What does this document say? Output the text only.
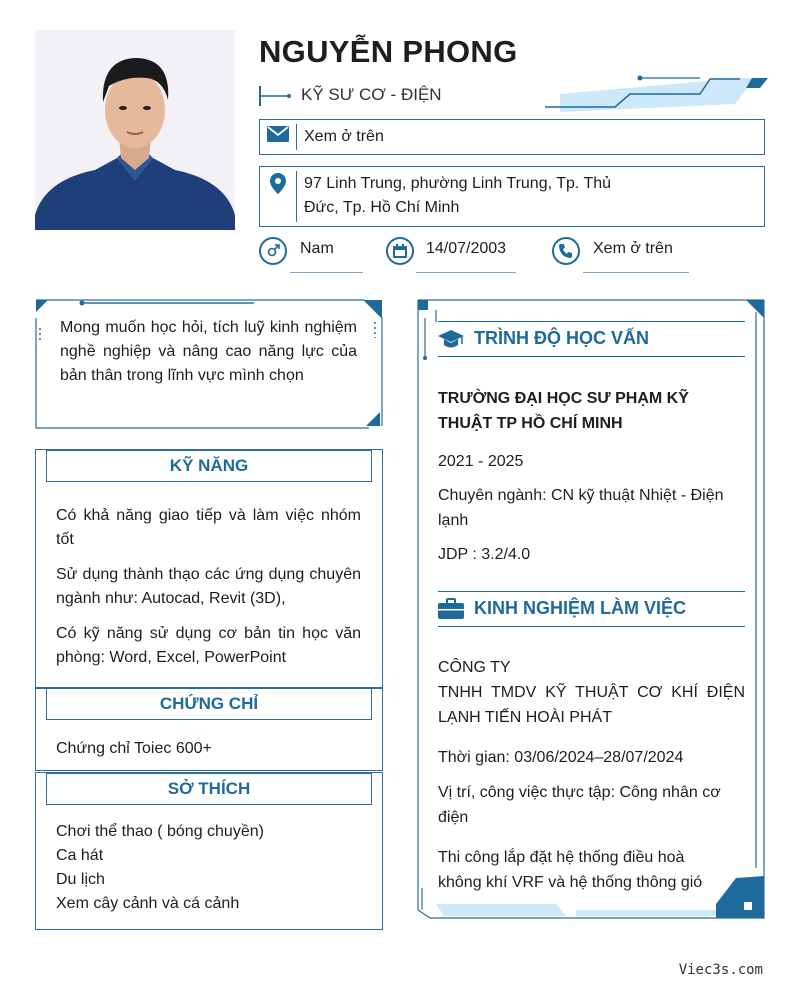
NGUYỄN PHONG
KỸ SƯ CƠ - ĐIỆN
Xem ở trên
97 Linh Trung, phường Linh Trung, Tp. Thủ
Đức, Tp. Hồ Chí Minh
Nam	14/07/2003	Xem ở trên
Mong muốn học hỏi, tích luỹ kinh nghiệm nghề nghiệp và nâng cao năng lực của bản thân trong lĩnh vực mình chọn
KỸ NĂNG
Có khả năng giao tiếp và làm việc nhóm tốt
Sử dụng thành thạo các ứng dụng chuyên ngành như: Autocad, Revit (3D),
Có kỹ năng sử dụng cơ bản tin học văn phòng: Word, Excel, PowerPoint
CHỨNG CHỈ
Chứng chỉ Toiec 600+
SỞ THÍCH
Chơi thể thao ( bóng chuyền)
Ca hát
Du lịch
Xem cây cảnh và cá cảnh
TRÌNH ĐỘ HỌC VẤN
TRƯỜNG ĐẠI HỌC SƯ PHẠM KỸ THUẬT TP HỒ CHÍ MINH
2021 - 2025
Chuyên ngành: CN kỹ thuật Nhiệt - Điện lạnh
JDP : 3.2/4.0
KINH NGHIỆM LÀM VIỆC
CÔNG TY
TNHH TMDV KỸ THUẬT CƠ KHÍ ĐIỆN LẠNH TIẾN HOÀI PHÁT
Thời gian: 03/06/2024–28/07/2024
Vị trí, công việc thực tập: Công nhân cơ điện
Thi công lắp đặt hệ thống điều hoà không khí VRF và hệ thống thông gió
Viec3s.com
